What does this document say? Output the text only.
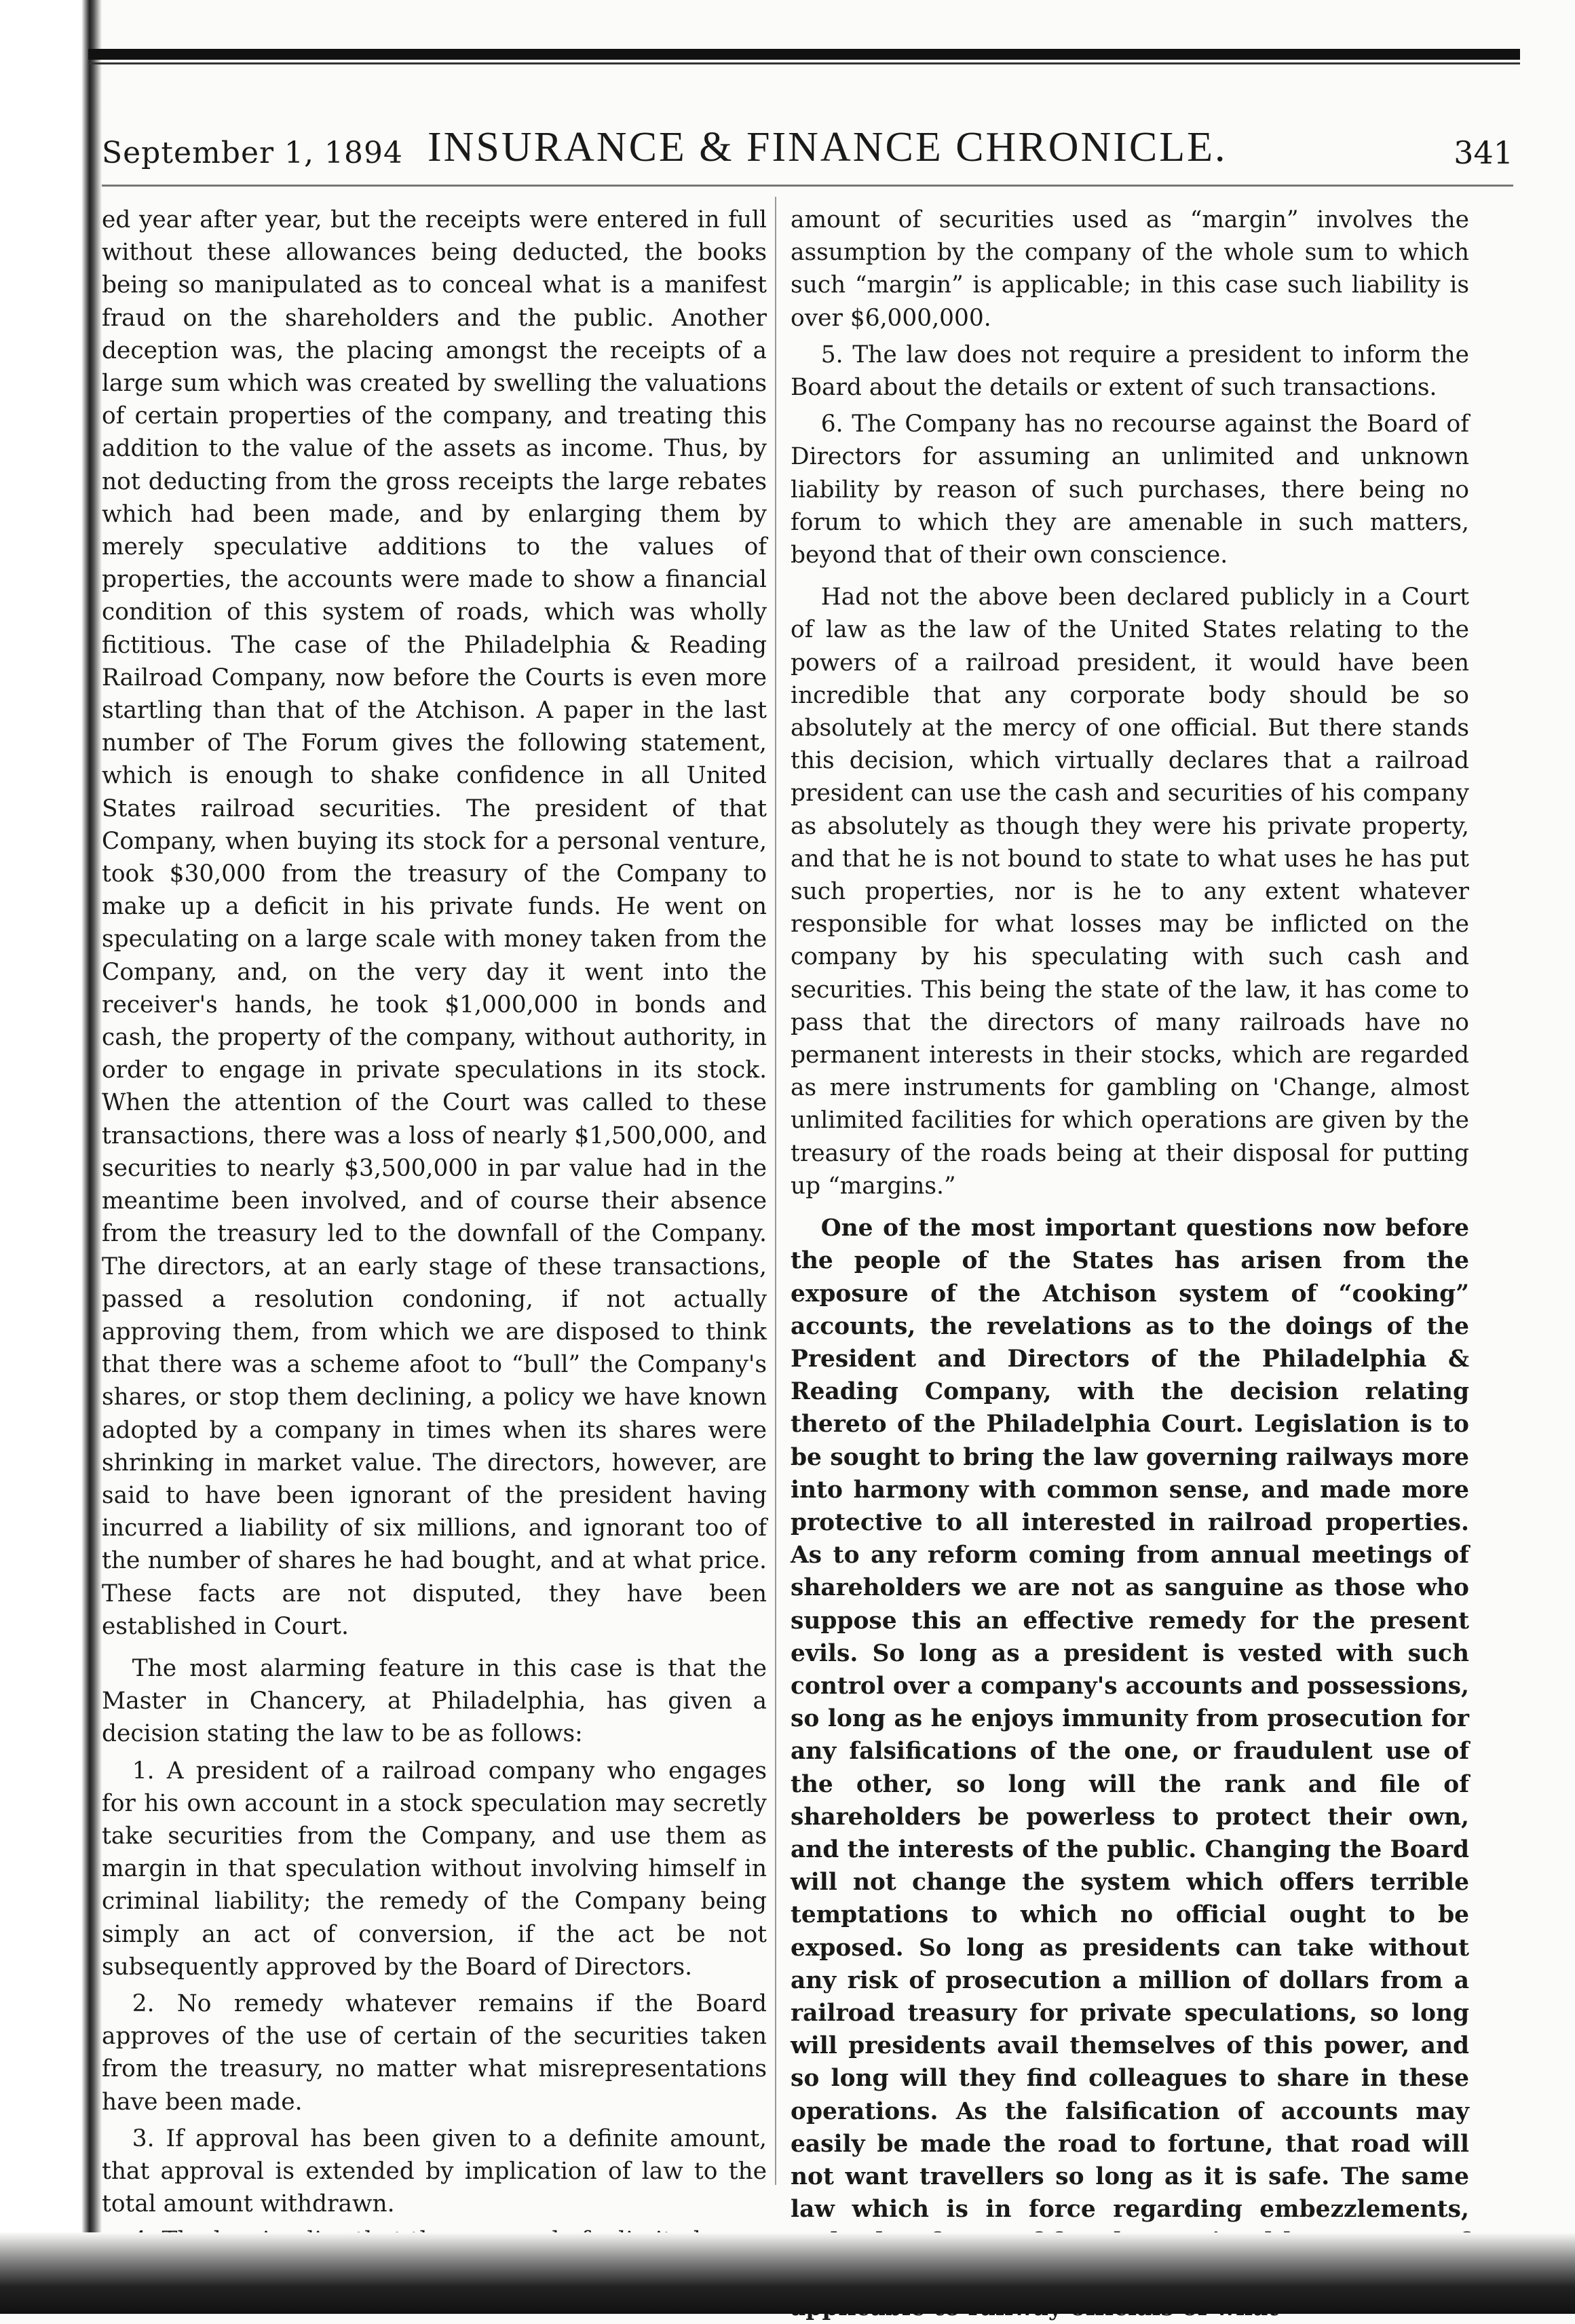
September 1, 1894 INSURANCE & FINANCE CHRONICLE.	341

ed year after year, but the receipts were entered in full without these allowances being deducted, the books being so manipulated as to conceal what is a manifest fraud on the shareholders and the public. Another deception was, the placing amongst the receipts of a large sum which was created by swelling the valuations of certain properties of the company, and treating this addition to the value of the assets as income. Thus, by not deducting from the gross receipts the large rebates which had been made, and by enlarging them by merely speculative additions to the values of properties, the accounts were made to show a financial condition of this system of roads, which was wholly fictitious. The case of the Philadelphia & Reading Railroad Company, now before the Courts is even more startling than that of the Atchison. A paper in the last number of The Forum gives the following statement, which is enough to shake confidence in all United States railroad securities. The president of that Company, when buying its stock for a personal venture, took $30,000 from the treasury of the Company to make up a deficit in his private funds. He went on speculating on a large scale with money taken from the Company, and, on the very day it went into the receiver's hands, he took $1,000,000 in bonds and cash, the property of the company, without authority, in order to engage in private speculations in its stock. When the attention of the Court was called to these transactions, there was a loss of nearly $1,500,000, and securities to nearly $3,500,000 in par value had in the meantime been involved, and of course their absence from the treasury led to the downfall of the Company. The directors, at an early stage of these transactions, passed a resolution condoning, if not actually approving them, from which we are disposed to think that there was a scheme afoot to “bull” the Company's shares, or stop them declining, a policy we have known adopted by a company in times when its shares were shrinking in market value. The directors, however, are said to have been ignorant of the president having incurred a liability of six millions, and ignorant too of the number of shares he had bought, and at what price. These facts are not disputed, they have been established in Court.

The most alarming feature in this case is that the Master in Chancery, at Philadelphia, has given a decision stating the law to be as follows:

1. A president of a railroad company who engages for his own account in a stock speculation may secretly take securities from the Company, and use them as margin in that speculation without involving himself in criminal liability; the remedy of the Company being simply an act of conversion, if the act be not subsequently approved by the Board of Directors.

2. No remedy whatever remains if the Board approves of the use of certain of the securities taken from the treasury, no matter what misrepresentations have been made.

3. If approval has been given to a definite amount, that approval is extended by implication of law to the total amount withdrawn.

amount of securities used as “margin” involves the assumption by the company of the whole sum to which such “margin” is applicable; in this case such liability is over $6,000,000.

5. The law does not require a president to inform the Board about the details or extent of such transactions.

6. The Company has no recourse against the Board of Directors for assuming an unlimited and unknown liability by reason of such purchases, there being no forum to which they are amenable in such matters, beyond that of their own conscience.

Had not the above been declared publicly in a Court of law as the law of the United States relating to the powers of a railroad president, it would have been incredible that any corporate body should be so absolutely at the mercy of one official. But there stands this decision, which virtually declares that a railroad president can use the cash and securities of his company as absolutely as though they were his private property, and that he is not bound to state to what uses he has put such properties, nor is he to any extent whatever responsible for what losses may be inflicted on the company by his speculating with such cash and securities. This being the state of the law, it has come to pass that the directors of many railroads have no permanent interests in their stocks, which are regarded as mere instruments for gambling on 'Change, almost unlimited facilities for which operations are given by the treasury of the roads being at their disposal for putting up “margins.”

One of the most important questions now before the people of the States has arisen from the exposure of the Atchison system of “cooking” accounts, the revelations as to the doings of the President and Directors of the Philadelphia & Reading Company, with the decision relating thereto of the Philadelphia Court. Legislation is to be sought to bring the law governing railways more into harmony with common sense, and made more protective to all interested in railroad properties. As to any reform coming from annual meetings of shareholders we are not as sanguine as those who suppose this an effective remedy for the present evils. So long as a president is vested with such control over a company's accounts and possessions, so long as he enjoys immunity from prosecution for any falsifications of the one, or fraudulent use of the other, so long will the rank and file of shareholders be powerless to protect their own, and the interests of the public. Changing the Board will not change the system which offers terrible temptations to which no official ought to be exposed. So long as presidents can take without any risk of prosecution a million of dollars from a railroad treasury for private speculations, so long will presidents avail themselves of this power, and so long will they find colleagues to share in these operations. As the falsification of accounts may easily be made the road to fortune, that road will not want travellers so long as it is safe. The same law which is in force regarding embezzlements,
